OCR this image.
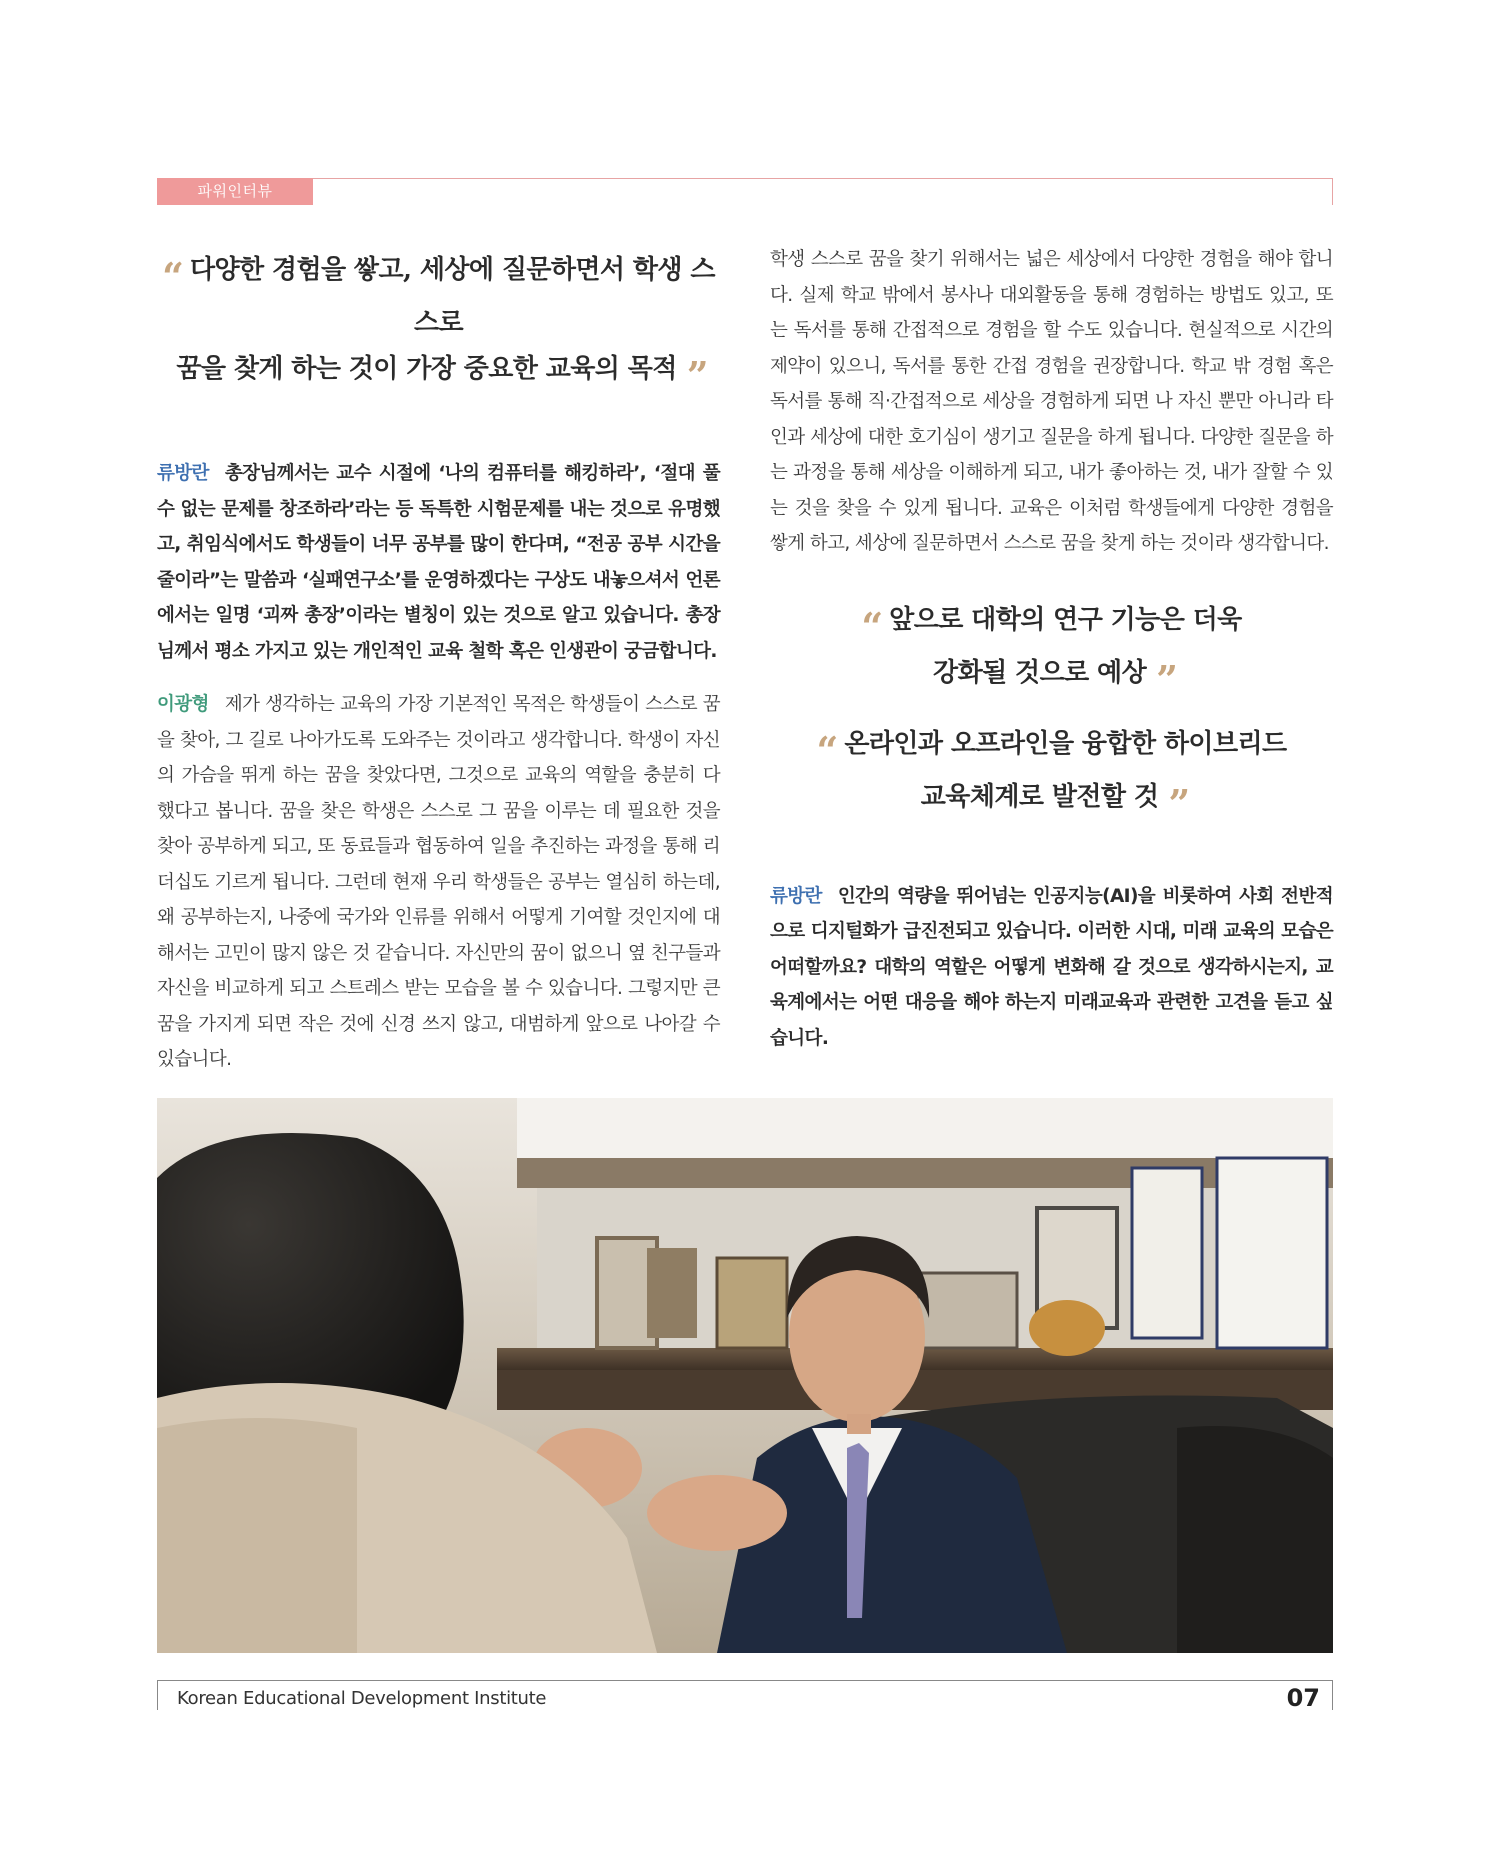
파워인터뷰
“ 다양한 경험을 쌓고, 세상에 질문하면서 학생 스스로
꿈을 찾게 하는 것이 가장 중요한 교육의 목적 ”

류방란 총장님께서는 교수 시절에 ‘나의 컴퓨터를 해킹하라’, ‘절대 풀 수 없는 문제를 창조하라’라는 등 독특한 시험문제를 내는 것으로 유명했고, 취임식에서도 학생들이 너무 공부를 많이 한다며, “전공 공부 시간을 줄이라”는 말씀과 ‘실패연구소’를 운영하겠다는 구상도 내놓으셔서 언론에서는 일명 ‘괴짜 총장’이라는 별칭이 있는 것으로 알고 있습니다. 총장님께서 평소 가지고 있는 개인적인 교육 철학 혹은 인생관이 궁금합니다.

이광형 제가 생각하는 교육의 가장 기본적인 목적은 학생들이 스스로 꿈을 찾아, 그 길로 나아가도록 도와주는 것이라고 생각합니다. 학생이 자신의 가슴을 뛰게 하는 꿈을 찾았다면, 그것으로 교육의 역할을 충분히 다 했다고 봅니다. 꿈을 찾은 학생은 스스로 그 꿈을 이루는 데 필요한 것을 찾아 공부하게 되고, 또 동료들과 협동하여 일을 추진하는 과정을 통해 리더십도 기르게 됩니다. 그런데 현재 우리 학생들은 공부는 열심히 하는데, 왜 공부하는지, 나중에 국가와 인류를 위해서 어떻게 기여할 것인지에 대해서는 고민이 많지 않은 것 같습니다. 자신만의 꿈이 없으니 옆 친구들과 자신을 비교하게 되고 스트레스 받는 모습을 볼 수 있습니다. 그렇지만 큰 꿈을 가지게 되면 작은 것에 신경 쓰지 않고, 대범하게 앞으로 나아갈 수 있습니다.

학생 스스로 꿈을 찾기 위해서는 넓은 세상에서 다양한 경험을 해야 합니다. 실제 학교 밖에서 봉사나 대외활동을 통해 경험하는 방법도 있고, 또는 독서를 통해 간접적으로 경험을 할 수도 있습니다. 현실적으로 시간의 제약이 있으니, 독서를 통한 간접 경험을 권장합니다. 학교 밖 경험 혹은 독서를 통해 직·간접적으로 세상을 경험하게 되면 나 자신 뿐만 아니라 타인과 세상에 대한 호기심이 생기고 질문을 하게 됩니다. 다양한 질문을 하는 과정을 통해 세상을 이해하게 되고, 내가 좋아하는 것, 내가 잘할 수 있는 것을 찾을 수 있게 됩니다. 교육은 이처럼 학생들에게 다양한 경험을 쌓게 하고, 세상에 질문하면서 스스로 꿈을 찾게 하는 것이라 생각합니다.

“ 앞으로 대학의 연구 기능은 더욱
강화될 것으로 예상 ”
“ 온라인과 오프라인을 융합한 하이브리드
교육체계로 발전할 것 ”

류방란 인간의 역량을 뛰어넘는 인공지능(AI)을 비롯하여 사회 전반적으로 디지털화가 급진전되고 있습니다. 이러한 시대, 미래 교육의 모습은 어떠할까요? 대학의 역할은 어떻게 변화해 갈 것으로 생각하시는지, 교육계에서는 어떤 대응을 해야 하는지 미래교육과 관련한 고견을 듣고 싶습니다.

Korean Educational Development Institute	07
